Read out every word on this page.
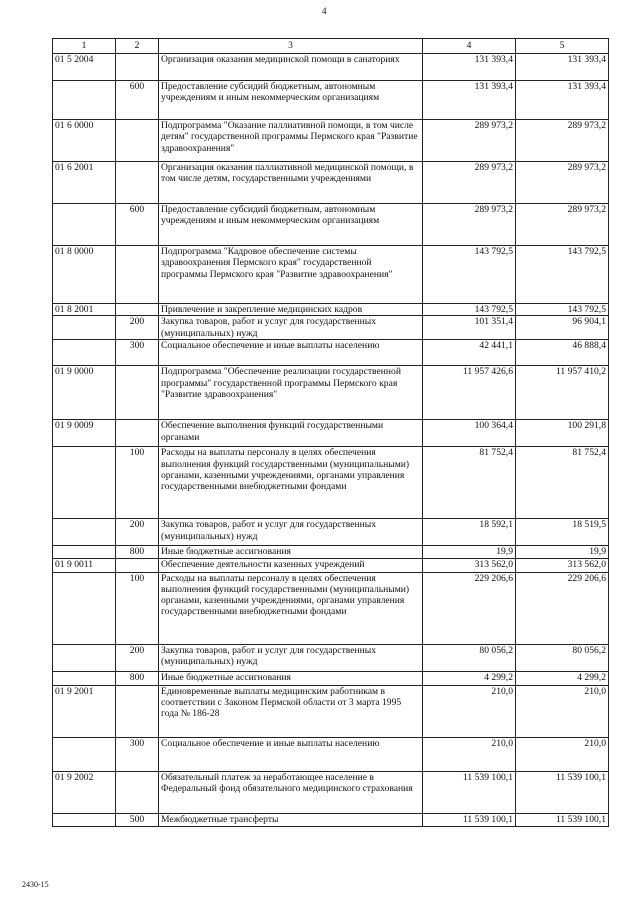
4
1	2	3	4	5
01 5 2004		Организация оказания медицинской помощи в санаториях	131 393,4	131 393,4
	600	Предоставление субсидий бюджетным, автономным учреждениям и иным некоммерческим организациям	131 393,4	131 393,4
01 6 0000		Подпрограмма "Оказание паллиативной помощи, в том числе детям" государственной программы Пермского края "Развитие здравоохранения"	289 973,2	289 973,2
01 6 2001		Организация оказания паллиативной медицинской помощи, в том числе детям, государственными учреждениями	289 973,2	289 973,2
	600	Предоставление субсидий бюджетным, автономным учреждениям и иным некоммерческим организациям	289 973,2	289 973,2
01 8 0000		Подпрограмма "Кадровое обеспечение системы здравоохранения Пермского края" государственной программы Пермского края "Развитие здравоохранения"	143 792,5	143 792,5
01 8 2001		Привлечение и закрепление медицинских кадров	143 792,5	143 792,5
	200	Закупка товаров, работ и услуг для государственных (муниципальных) нужд	101 351,4	96 904,1
	300	Социальное обеспечение и иные выплаты населению	42 441,1	46 888,4
01 9 0000		Подпрограмма "Обеспечение реализации государственной программы" государственной программы Пермского края "Развитие здравоохранения"	11 957 426,6	11 957 410,2
01 9 0009		Обеспечение выполнения функций государственными органами	100 364,4	100 291,8
	100	Расходы на выплаты персоналу в целях обеспечения выполнения функций государственными (муниципальными) органами, казенными учреждениями, органами управления государственными внебюджетными фондами	81 752,4	81 752,4
	200	Закупка товаров, работ и услуг для государственных (муниципальных) нужд	18 592,1	18 519,5
	800	Иные бюджетные ассигнования	19,9	19,9
01 9 0011		Обеспечение деятельности казенных учреждений	313 562,0	313 562,0
	100	Расходы на выплаты персоналу в целях обеспечения выполнения функций государственными (муниципальными) органами, казенными учреждениями, органами управления государственными внебюджетными фондами	229 206,6	229 206,6
	200	Закупка товаров, работ и услуг для государственных (муниципальных) нужд	80 056,2	80 056,2
	800	Иные бюджетные ассигнования	4 299,2	4 299,2
01 9 2001		Единовременные выплаты медицинским работникам в соответствии с Законом Пермской области от 3 марта 1995 года № 186-28	210,0	210,0
	300	Социальное обеспечение и иные выплаты населению	210,0	210,0
01 9 2002		Обязательный платеж за неработающее население в Федеральный фонд обязательного медицинского страхования	11 539 100,1	11 539 100,1
	500	Межбюджетные трансферты	11 539 100,1	11 539 100,1
2430-15
